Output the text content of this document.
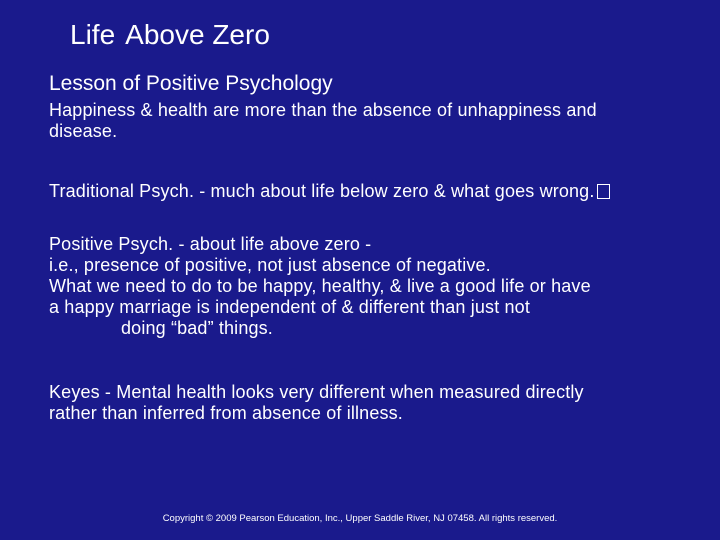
Life Above Zero
Lesson of Positive Psychology
Happiness & health are more than the absence of unhappiness and
disease.
Traditional Psych. - much about life below zero & what goes wrong.
Positive Psych. - about life above zero -
i.e., presence of positive, not just absence of negative.
What we need to do to be happy, healthy, & live a good life or have
a happy marriage is independent of & different than just not
doing “bad” things.
Keyes - Mental health looks very different when measured directly
rather than inferred from absence of illness.
Copyright © 2009 Pearson Education, Inc., Upper Saddle River, NJ 07458. All rights reserved.
